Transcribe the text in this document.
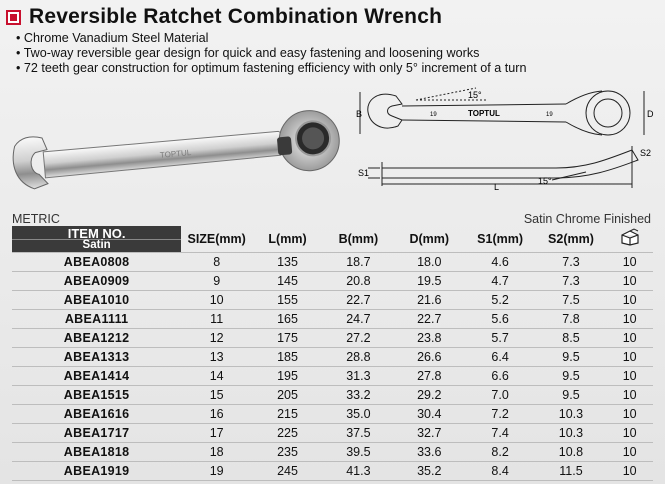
Reversible Ratchet Combination Wrench
• Chrome Vanadium Steel Material
• Two-way reversible gear design for quick and easy fastening and loosening works
• 72 teeth gear construction for optimum fastening efficiency with only 5° increment of a turn
TOPTUL
15°
B	D
19	TOPTUL	19
S1
L
15°
S2
METRIC	Satin Chrome Finished
ITEM NO.
Satin	SIZE(mm)	L(mm)	B(mm)	D(mm)	S1(mm)	S2(mm)	
ABEA0808	8	135	18.7	18.0	4.6	7.3	10
ABEA0909	9	145	20.8	19.5	4.7	7.3	10
ABEA1010	10	155	22.7	21.6	5.2	7.5	10
ABEA1111	11	165	24.7	22.7	5.6	7.8	10
ABEA1212	12	175	27.2	23.8	5.7	8.5	10
ABEA1313	13	185	28.8	26.6	6.4	9.5	10
ABEA1414	14	195	31.3	27.8	6.6	9.5	10
ABEA1515	15	205	33.2	29.2	7.0	9.5	10
ABEA1616	16	215	35.0	30.4	7.2	10.3	10
ABEA1717	17	225	37.5	32.7	7.4	10.3	10
ABEA1818	18	235	39.5	33.6	8.2	10.8	10
ABEA1919	19	245	41.3	35.2	8.4	11.5	10
